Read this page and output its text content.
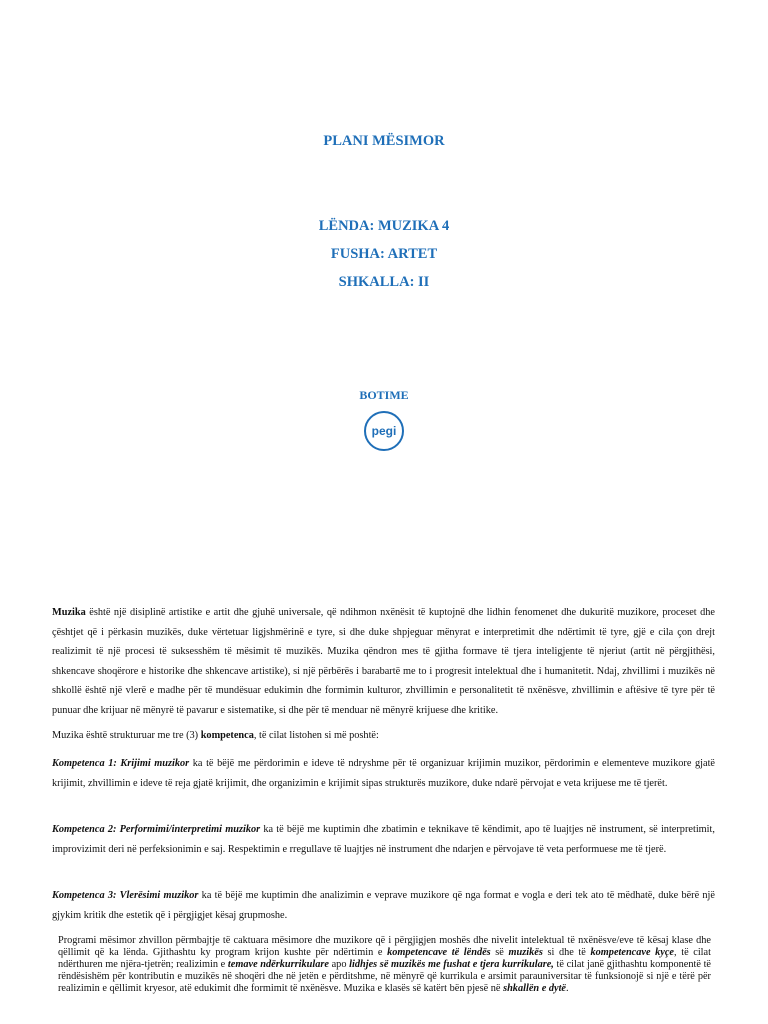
PLANI MËSIMOR
LËNDA: MUZIKA 4
FUSHA: ARTET
SHKALLA: II
BOTIME
pegi

Muzika është një disiplinë artistike e artit dhe gjuhë universale, që ndihmon nxënësit të kuptojnë dhe lidhin fenomenet dhe dukuritë muzikore, proceset dhe çështjet që i përkasin muzikës, duke vërtetuar ligjshmërinë e tyre, si dhe duke shpjeguar mënyrat e interpretimit dhe ndërtimit të tyre, gjë e cila çon drejt realizimit të një procesi të suksesshëm të mësimit të muzikës. Muzika qëndron mes të gjitha formave të tjera inteligjente të njeriut (artit në përgjithësi, shkencave shoqërore e historike dhe shkencave artistike), si një përbërës i barabartë me to i progresit intelektual dhe i humanitetit. Ndaj, zhvillimi i muzikës në shkollë është një vlerë e madhe për të mundësuar edukimin dhe formimin kulturor, zhvillimin e personalitetit të nxënësve, zhvillimin e aftësive të tyre për të punuar dhe krijuar në mënyrë të pavarur e sistematike, si dhe për të menduar në mënyrë krijuese dhe kritike.

Muzika është strukturuar me tre (3) kompetenca, të cilat listohen si më poshtë:

Kompetenca 1: Krijimi muzikor ka të bëjë me përdorimin e ideve të ndryshme për të organizuar krijimin muzikor, përdorimin e elementeve muzikore gjatë krijimit, zhvillimin e ideve të reja gjatë krijimit, dhe organizimin e krijimit sipas strukturës muzikore, duke ndarë përvojat e veta krijuese me të tjerët.

Kompetenca 2: Performimi/interpretimi muzikor ka të bëjë me kuptimin dhe zbatimin e teknikave të këndimit, apo të luajtjes në instrument, së interpretimit, improvizimit deri në perfeksionimin e saj. Respektimin e rregullave të luajtjes në instrument dhe ndarjen e përvojave të veta performuese me të tjerë.

Kompetenca 3: Vlerësimi muzikor ka të bëjë me kuptimin dhe analizimin e veprave muzikore që nga format e vogla e deri tek ato të mëdhatë, duke bërë një gjykim kritik dhe estetik që i përgjigjet kësaj grupmoshe.

Programi mësimor zhvillon përmbajtje të caktuara mësimore dhe muzikore që i përgjigjen moshës dhe nivelit intelektual të nxënësve/eve të kësaj klase dhe qëllimit që ka lënda. Gjithashtu ky program krijon kushte për ndërtimin e kompetencave të lëndës së muzikës si dhe të kompetencave kyçe, të cilat ndërthuren me njëra-tjetrën; realizimin e temave ndërkurrikulare apo lidhjes së muzikës me fushat e tjera kurrikulare, të cilat janë gjithashtu komponentë të rëndësishëm për kontributin e muzikës në shoqëri dhe në jetën e përditshme, në mënyrë që kurrikula e arsimit parauniversitar të funksionojë si një e tërë për realizimin e qëllimit kryesor, atë edukimit dhe formimit të nxënësve. Muzika e klasës së katërt bën pjesë në shkallën e dytë.
